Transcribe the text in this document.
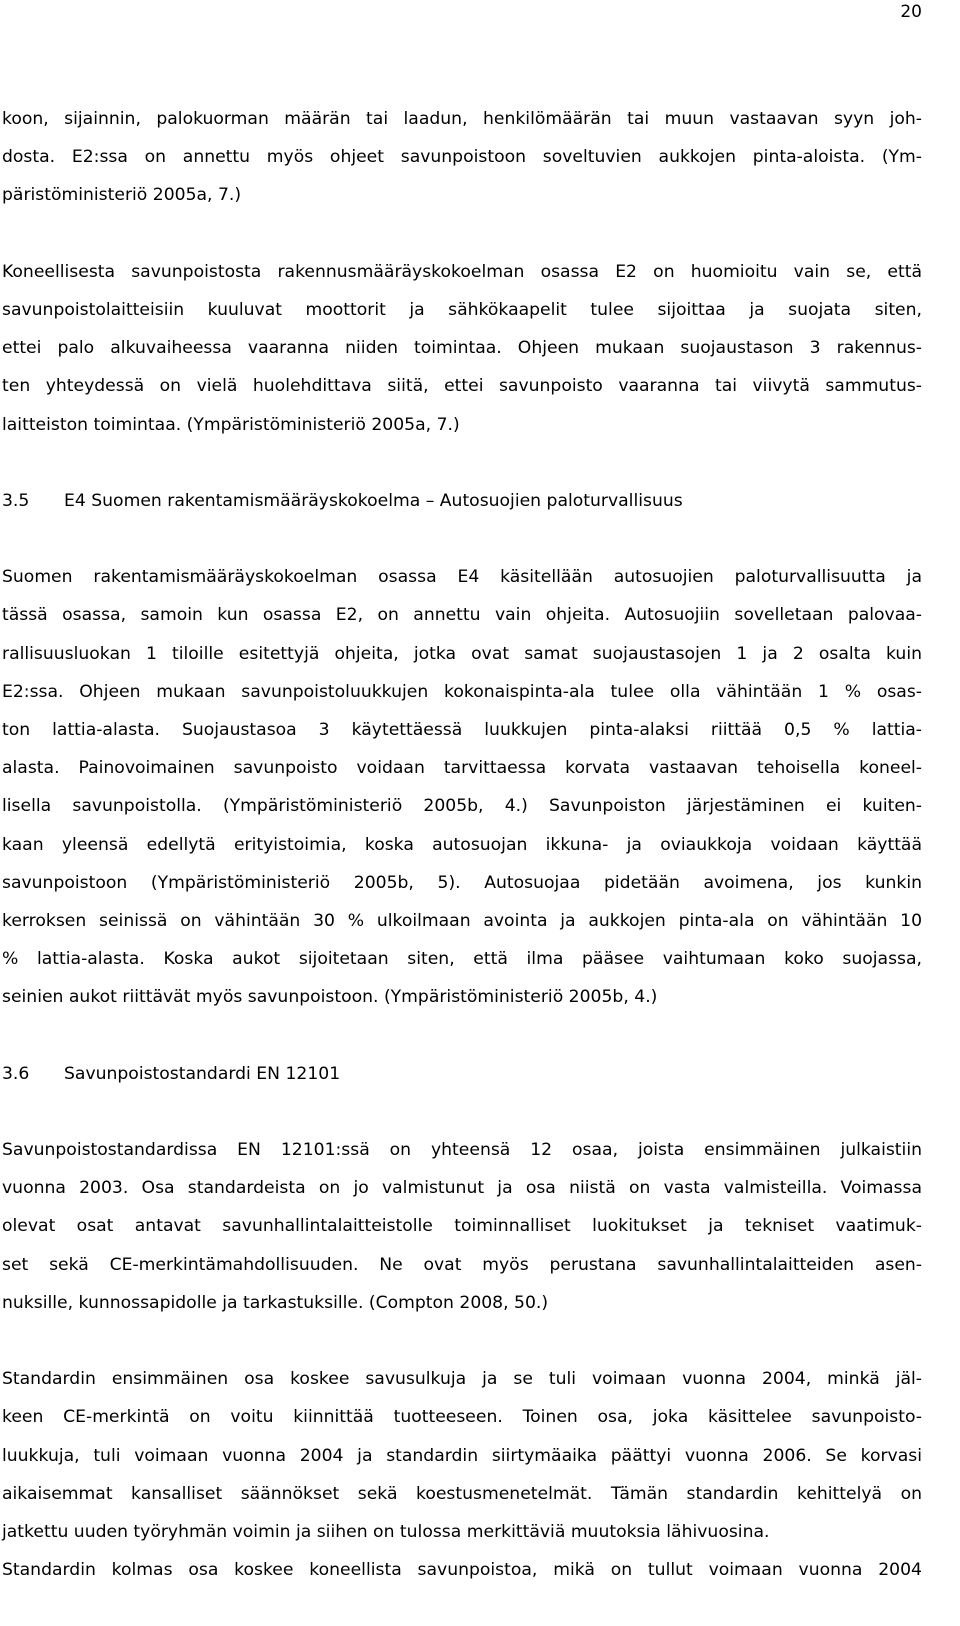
20
koon, sijainnin, palokuorman määrän tai laadun, henkilömäärän tai muun vastaavan syyn joh-
dosta. E2:ssa on annettu myös ohjeet savunpoistoon soveltuvien aukkojen pinta-aloista. (Ym-
päristöministeriö 2005a, 7.)
Koneellisesta savunpoistosta rakennusmääräyskokoelman osassa E2 on huomioitu vain se, että
savunpoistolaitteisiin kuuluvat moottorit ja sähkökaapelit tulee sijoittaa ja suojata siten,
ettei palo alkuvaiheessa vaaranna niiden toimintaa. Ohjeen mukaan suojaustason 3 rakennus-
ten yhteydessä on vielä huolehdittava siitä, ettei savunpoisto vaaranna tai viivytä sammutus-
laitteiston toimintaa. (Ympäristöministeriö 2005a, 7.)
3.5 E4 Suomen rakentamismääräyskokoelma – Autosuojien paloturvallisuus
Suomen rakentamismääräyskokoelman osassa E4 käsitellään autosuojien paloturvallisuutta ja
tässä osassa, samoin kun osassa E2, on annettu vain ohjeita. Autosuojiin sovelletaan palovaa-
rallisuusluokan 1 tiloille esitettyjä ohjeita, jotka ovat samat suojaustasojen 1 ja 2 osalta kuin
E2:ssa. Ohjeen mukaan savunpoistoluukkujen kokonaispinta-ala tulee olla vähintään 1 % osas-
ton lattia-alasta. Suojaustasoa 3 käytettäessä luukkujen pinta-alaksi riittää 0,5 % lattia-
alasta. Painovoimainen savunpoisto voidaan tarvittaessa korvata vastaavan tehoisella koneel-
lisella savunpoistolla. (Ympäristöministeriö 2005b, 4.) Savunpoiston järjestäminen ei kuiten-
kaan yleensä edellytä erityistoimia, koska autosuojan ikkuna- ja oviaukkoja voidaan käyttää
savunpoistoon (Ympäristöministeriö 2005b, 5). Autosuojaa pidetään avoimena, jos kunkin
kerroksen seinissä on vähintään 30 % ulkoilmaan avointa ja aukkojen pinta-ala on vähintään 10
% lattia-alasta. Koska aukot sijoitetaan siten, että ilma pääsee vaihtumaan koko suojassa,
seinien aukot riittävät myös savunpoistoon. (Ympäristöministeriö 2005b, 4.)
3.6 Savunpoistostandardi EN 12101
Savunpoistostandardissa EN 12101:ssä on yhteensä 12 osaa, joista ensimmäinen julkaistiin
vuonna 2003. Osa standardeista on jo valmistunut ja osa niistä on vasta valmisteilla. Voimassa
olevat osat antavat savunhallintalaitteistolle toiminnalliset luokitukset ja tekniset vaatimuk-
set sekä CE-merkintämahdollisuuden. Ne ovat myös perustana savunhallintalaitteiden asen-
nuksille, kunnossapidolle ja tarkastuksille. (Compton 2008, 50.)
Standardin ensimmäinen osa koskee savusulkuja ja se tuli voimaan vuonna 2004, minkä jäl-
keen CE-merkintä on voitu kiinnittää tuotteeseen. Toinen osa, joka käsittelee savunpoisto-
luukkuja, tuli voimaan vuonna 2004 ja standardin siirtymäaika päättyi vuonna 2006. Se korvasi
aikaisemmat kansalliset säännökset sekä koestusmenetelmät. Tämän standardin kehittelyä on
jatkettu uuden työryhmän voimin ja siihen on tulossa merkittäviä muutoksia lähivuosina.
Standardin kolmas osa koskee koneellista savunpoistoa, mikä on tullut voimaan vuonna 2004
